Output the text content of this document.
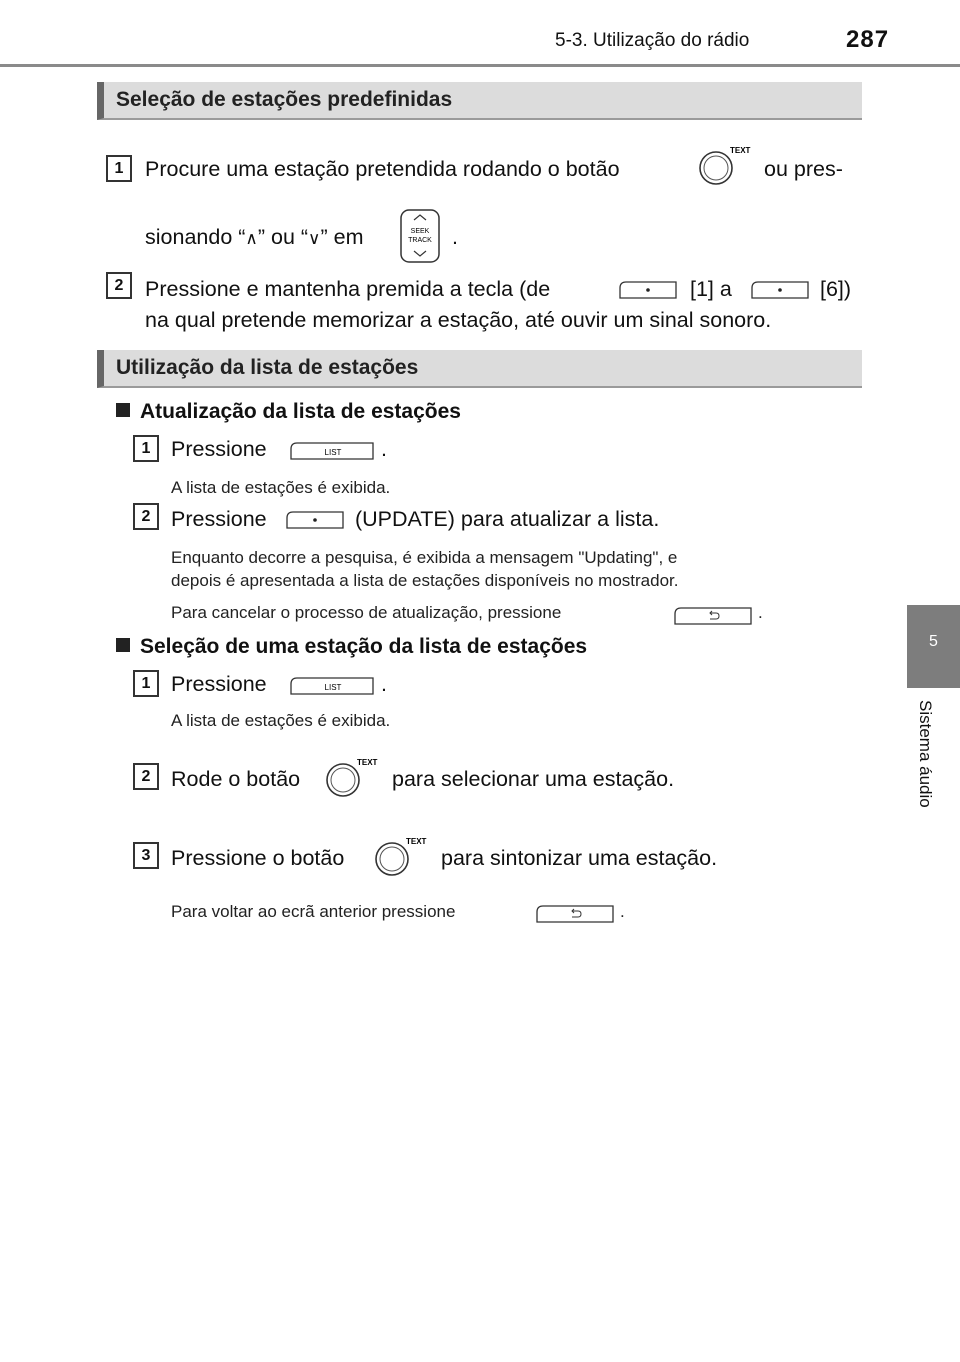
5-3. Utilização do rádio	287
5
Sistema áudio
Seleção de estações predefinidas
1	Procure uma estação pretendida rodando o botão
TEXT
ou pres-
sionando “∧” ou “∨” em	SEEK
TRACK .
2	Pressione e mantenha premida a tecla (de	[1] a	[6])
na qual pretende memorizar a estação, até ouvir um sinal sonoro.
Utilização da lista de estações
Atualização da lista de estações
1 Pressione	LIST .
A lista de estações é exibida.
2 Pressione	(UPDATE) para atualizar a lista.
Enquanto decorre a pesquisa, é exibida a mensagem "Updating", e
depois é apresentada a lista de estações disponíveis no mostrador.
Para cancelar o processo de atualização, pressione	.
Seleção de uma estação da lista de estações
1 Pressione	LIST .
A lista de estações é exibida.
2 Rode o botão
TEXT
para selecionar uma estação.
3 Pressione o botão
TEXT
para sintonizar uma estação.
Para voltar ao ecrã anterior pressione	.
